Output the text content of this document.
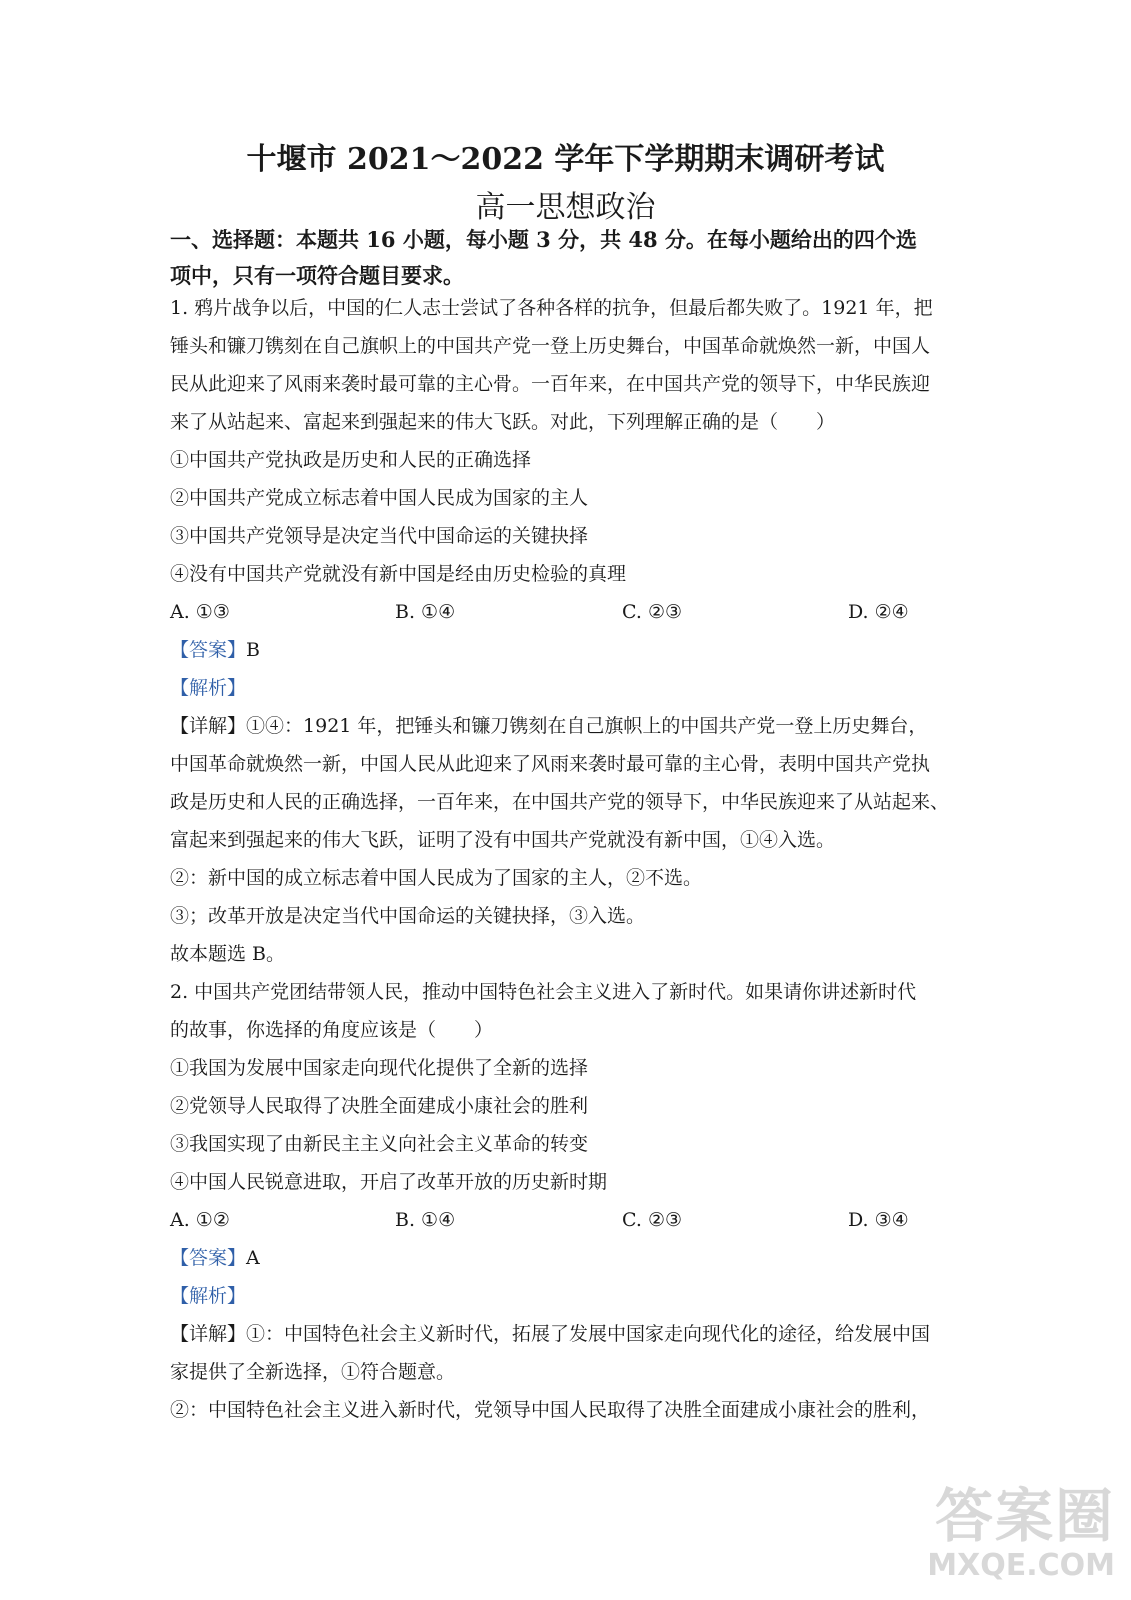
十堰市 2021～2022 学年下学期期末调研考试
高一思想政治
一、选择题：本题共 16 小题，每小题 3 分，共 48 分。在每小题给出的四个选
项中，只有一项符合题目要求。
1. 鸦片战争以后，中国的仁人志士尝试了各种各样的抗争，但最后都失败了。1921 年，把
锤头和镰刀镌刻在自己旗帜上的中国共产党一登上历史舞台，中国革命就焕然一新，中国人
民从此迎来了风雨来袭时最可靠的主心骨。一百年来，在中国共产党的领导下，中华民族迎
来了从站起来、富起来到强起来的伟大飞跃。对此，下列理解正确的是（　　）
①中国共产党执政是历史和人民的正确选择
②中国共产党成立标志着中国人民成为国家的主人
③中国共产党领导是决定当代中国命运的关键抉择
④没有中国共产党就没有新中国是经由历史检验的真理
A. ①③	B. ①④	C. ②③	D. ②④
【答案】B
【解析】
【详解】①④：1921 年，把锤头和镰刀镌刻在自己旗帜上的中国共产党一登上历史舞台，
中国革命就焕然一新，中国人民从此迎来了风雨来袭时最可靠的主心骨，表明中国共产党执
政是历史和人民的正确选择，一百年来，在中国共产党的领导下，中华民族迎来了从站起来、
富起来到强起来的伟大飞跃，证明了没有中国共产党就没有新中国，①④入选。
②：新中国的成立标志着中国人民成为了国家的主人，②不选。
③；改革开放是决定当代中国命运的关键抉择，③入选。
故本题选 B。
2. 中国共产党团结带领人民，推动中国特色社会主义进入了新时代。如果请你讲述新时代
的故事，你选择的角度应该是（　　）
①我国为发展中国家走向现代化提供了全新的选择
②党领导人民取得了决胜全面建成小康社会的胜利
③我国实现了由新民主主义向社会主义革命的转变
④中国人民锐意进取，开启了改革开放的历史新时期
A. ①②	B. ①④	C. ②③	D. ③④
【答案】A
【解析】
【详解】①：中国特色社会主义新时代，拓展了发展中国家走向现代化的途径，给发展中国
家提供了全新选择，①符合题意。
②：中国特色社会主义进入新时代，党领导中国人民取得了决胜全面建成小康社会的胜利，
答案圈
MXQE.COM
